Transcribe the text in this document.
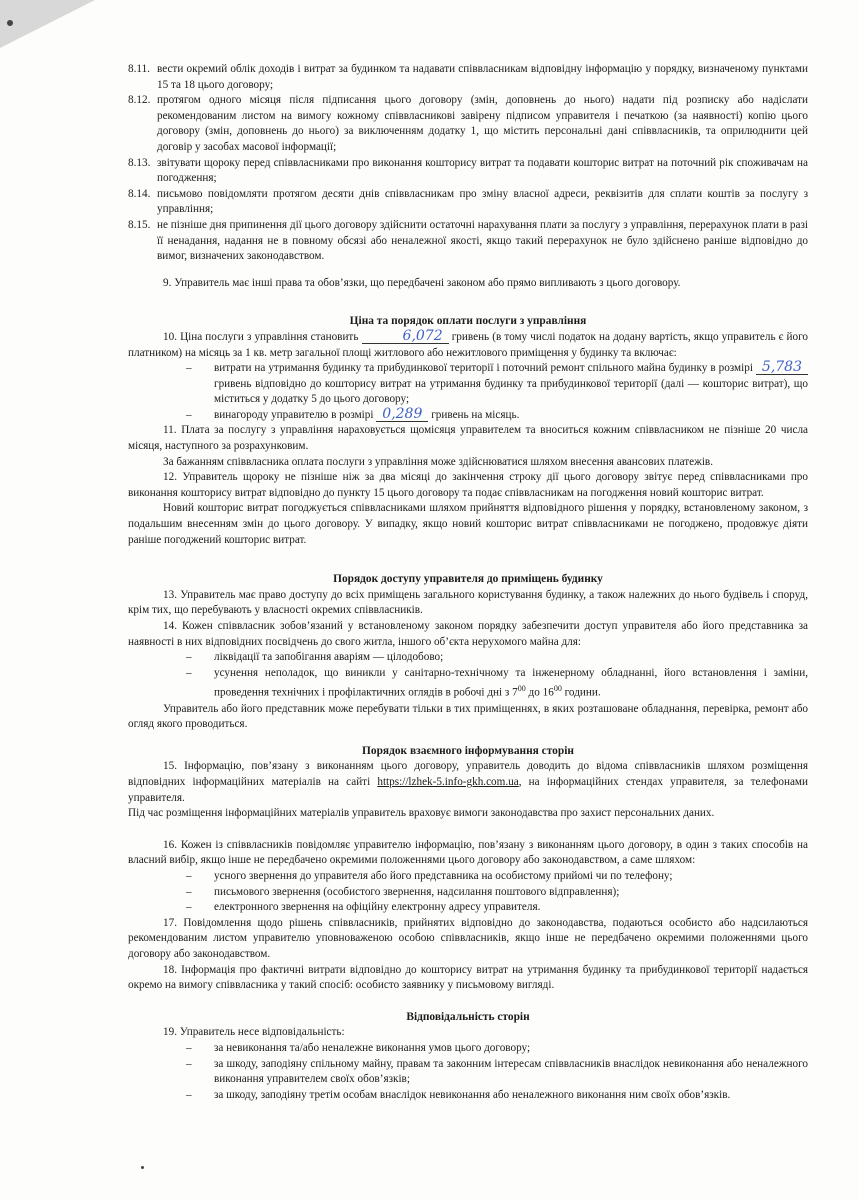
8.11. вести окремий облік доходів і витрат за будинком та надавати співвласникам відповідну інформацію у порядку, визначеному пунктами 15 та 18 цього договору;

8.12. протягом одного місяця після підписання цього договору (змін, доповнень до нього) надати під розписку або надіслати рекомендованим листом на вимогу кожному співвласникові завірену підписом управителя і печаткою (за наявності) копію цього договору (змін, доповнень до нього) за виключенням додатку 1, що містить персональні дані співвласників, та оприлюднити цей договір у засобах масової інформації;

8.13. звітувати щороку перед співвласниками про виконання кошторису витрат та подавати кошторис витрат на поточний рік споживачам на погодження;

8.14. письмово повідомляти протягом десяти днів співвласникам про зміну власної адреси, реквізитів для сплати коштів за послугу з управління;

8.15. не пізніше дня припинення дії цього договору здійснити остаточні нарахування плати за послугу з управління, перерахунок плати в разі її ненадання, надання не в повному обсязі або неналежної якості, якщо такий перерахунок не було здійснено раніше відповідно до вимог, визначених законодавством.

9. Управитель має інші права та обов’язки, що передбачені законом або прямо випливають з цього договору.

Ціна та порядок оплати послуги з управління

10. Ціна послуги з управління становить	6,072 гривень (в тому числі податок на додану вартість, якщо управитель є його платником) на місяць за 1 кв. метр загальної площі житлового або нежитлового приміщення у будинку та включає:

– витрати на утримання будинку та прибудинкової території і поточний ремонт спільного майна будинку в розмірі 5,783 гривень відповідно до кошторису витрат на утримання будинку та прибудинкової території (далі — кошторис витрат), що міститься у додатку 5 до цього договору;

– винагороду управителю в розмірі 0,289 гривень на місяць.

11. Плата за послугу з управління нараховується щомісяця управителем та вноситься кожним співвласником не пізніше 20 числа місяця, наступного за розрахунковим.

За бажанням співвласника оплата послуги з управління може здійснюватися шляхом внесення авансових платежів.

12. Управитель щороку не пізніше ніж за два місяці до закінчення строку дії цього договору звітує перед співвласниками про виконання кошторису витрат відповідно до пункту 15 цього договору та подає співвласникам на погодження новий кошторис витрат.

Новий кошторис витрат погоджується співвласниками шляхом прийняття відповідного рішення у порядку, встановленому законом, з подальшим внесенням змін до цього договору. У випадку, якщо новий кошторис витрат співвласниками не погоджено, продовжує діяти раніше погоджений кошторис витрат.

Порядок доступу управителя до приміщень будинку

13. Управитель має право доступу до всіх приміщень загального користування будинку, а також належних до нього будівель і споруд, крім тих, що перебувають у власності окремих співвласників.

14. Кожен співвласник зобов’язаний у встановленому законом порядку забезпечити доступ управителя або його представника за наявності в них відповідних посвідчень до свого житла, іншого об’єкта нерухомого майна для:

– ліквідації та запобігання аваріям — цілодобово;

– усунення неполадок, що виникли у санітарно-технічному та інженерному обладнанні, його встановлення і заміни, проведення технічних і профілактичних оглядів в робочі дні з $7^{00}$ до $16^{00}$ години.

Управитель або його представник може перебувати тільки в тих приміщеннях, в яких розташоване обладнання, перевірка, ремонт або огляд якого проводиться.

Порядок взаємного інформування сторін

15. Інформацію, пов’язану з виконанням цього договору, управитель доводить до відома співвласників шляхом розміщення відповідних інформаційних матеріалів на сайті https://lzhek-5.info-gkh.com.ua, на інформаційних стендах управителя, за телефонами управителя.

Під час розміщення інформаційних матеріалів управитель враховує вимоги законодавства про захист персональних даних.

16. Кожен із співвласників повідомляє управителю інформацію, пов’язану з виконанням цього договору, в один з таких способів на власний вибір, якщо інше не передбачено окремими положеннями цього договору або законодавством, а саме шляхом:

– усного звернення до управителя або його представника на особистому прийомі чи по телефону;

– письмового звернення (особистого звернення, надсилання поштового відправлення);

– електронного звернення на офіційну електронну адресу управителя.

17. Повідомлення щодо рішень співвласників, прийнятих відповідно до законодавства, подаються особисто або надсилаються рекомендованим листом управителю уповноваженою особою співвласників, якщо інше не передбачено окремими положеннями цього договору або законодавством.

18. Інформація про фактичні витрати відповідно до кошторису витрат на утримання будинку та прибудинкової території надається окремо на вимогу співвласника у такий спосіб: особисто заявнику у письмовому вигляді.

Відповідальність сторін

19. Управитель несе відповідальність:

– за невиконання та/або неналежне виконання умов цього договору;

– за шкоду, заподіяну спільному майну, правам та законним інтересам співвласників внаслідок невиконання або неналежного виконання управителем своїх обов’язків;

– за шкоду, заподіяну третім особам внаслідок невиконання або неналежного виконання ним своїх обов’язків.
